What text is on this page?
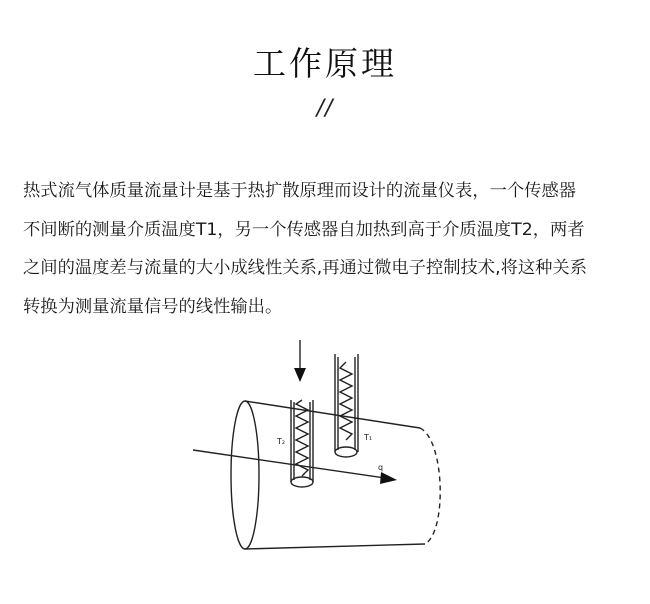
工作原理
//
热式流气体质量流量计是基于热扩散原理而设计的流量仪表，一个传感器
不间断的测量介质温度T1，另一个传感器自加热到高于介质温度T2，两者
之间的温度差与流量的大小成线性关系,再通过微电子控制技术,将这种关系
转换为测量流量信号的线性输出。
T₂	T₁
q
